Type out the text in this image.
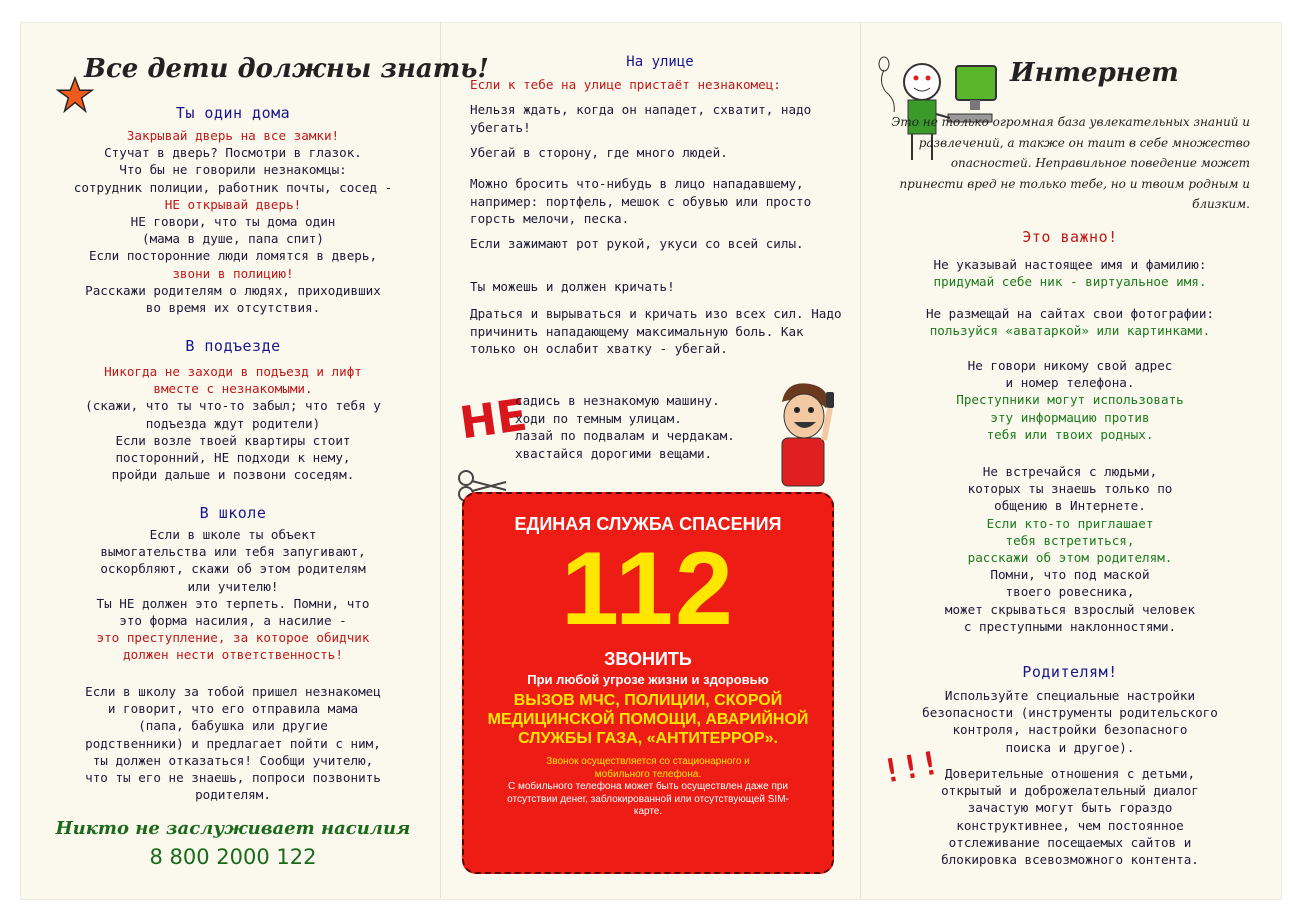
Все дети должны знать!
Ты один дома

Закрывай дверь на все замки!

Стучат в дверь? Посмотри в глазок.

Что бы не говорили незнакомцы:

сотрудник полиции, работник почты, сосед -

НЕ открывай дверь!

НЕ говори, что ты дома один

(мама в душе, папа спит)

Если посторонние люди ломятся в дверь,

звони в полицию!

Расскажи родителям о людях, приходивших

во время их отсутствия.

В подъезде

Никогда не заходи в подъезд и лифт

вместе с незнакомыми.

(скажи, что ты что-то забыл; что тебя у

подъезда ждут родители)

Если возле твоей квартиры стоит

посторонний, НЕ подходи к нему,

пройди дальше и позвони соседям.

В школе

Если в школе ты объект

вымогательства или тебя запугивают,

оскорбляют, скажи об этом родителям

или учителю!

Ты НЕ должен это терпеть. Помни, что

это форма насилия, а насилие -

это преступление, за которое обидчик

должен нести ответственность!

Если в школу за тобой пришел незнакомец

и говорит, что его отправила мама

(папа, бабушка или другие

родственники) и предлагает пойти с ним,

ты должен отказаться! Сообщи учителю,

что ты его не знаешь, попроси позвонить

родителям.

Никто не заслуживает насилия
8 800 2000 122
На улице
Если к тебе на улице пристаёт незнакомец:
Нельзя ждать, когда он нападет, схватит, надо убегать!
Убегай в сторону, где много людей.
Можно бросить что-нибудь в лицо нападавшему, например: портфель, мешок с обувью или просто горсть мелочи, песка.
Если зажимают рот рукой, укуси со всей силы.
Ты можешь и должен кричать!
Драться и вырываться и кричать изо всех сил. Надо причинить нападающему максимальную боль. Как только он ослабит хватку - убегай.
НЕ

садись в незнакомую машину.

ходи по темным улицам.

лазай по подвалам и чердакам.

хвастайся дорогими вещами.

ЕДИНАЯ СЛУЖБА СПАСЕНИЯ
112
ЗВОНИТЬ
При любой угрозе жизни и здоровью
ВЫЗОВ МЧС, ПОЛИЦИИ, СКОРОЙ МЕДИЦИНСКОЙ ПОМОЩИ, АВАРИЙНОЙ СЛУЖБЫ ГАЗА, «АНТИТЕРРОР».
Звонок осуществляется со стационарного и мобильного телефона.
С мобильного телефона может быть осуществлен даже при отсутствии денег, заблокированной или отсутствующей SIM-карте.
Интернет
Это не только огромная база увлекательных знаний и развлечений, а также он таит в себе множество опасностей. Неправильное поведение может принести вред не только тебе, но и твоим родным и близким.
Это важно!

Не указывай настоящее имя и фамилию:

придумай себе ник - виртуальное имя.

Не размещай на сайтах свои фотографии:

пользуйся «аватаркой» или картинками.

Не говори никому свой адрес

и номер телефона.

Преступники могут использовать

эту информацию против

тебя или твоих родных.

Не встречайся с людьми,

которых ты знаешь только по

общению в Интернете.

Если кто-то приглашает

тебя встретиться,

расскажи об этом родителям.

Помни, что под маской

твоего ровесника,

может скрываться взрослый человек

с преступными наклонностями.

Родителям!

Используйте специальные настройки

безопасности (инструменты родительского

контроля, настройки безопасного

поиска и другое).

!!! Доверительные отношения с детьми,

открытый и доброжелательный диалог

зачастую могут быть гораздо

конструктивнее, чем постоянное

отслеживание посещаемых сайтов и

блокировка всевозможного контента.
